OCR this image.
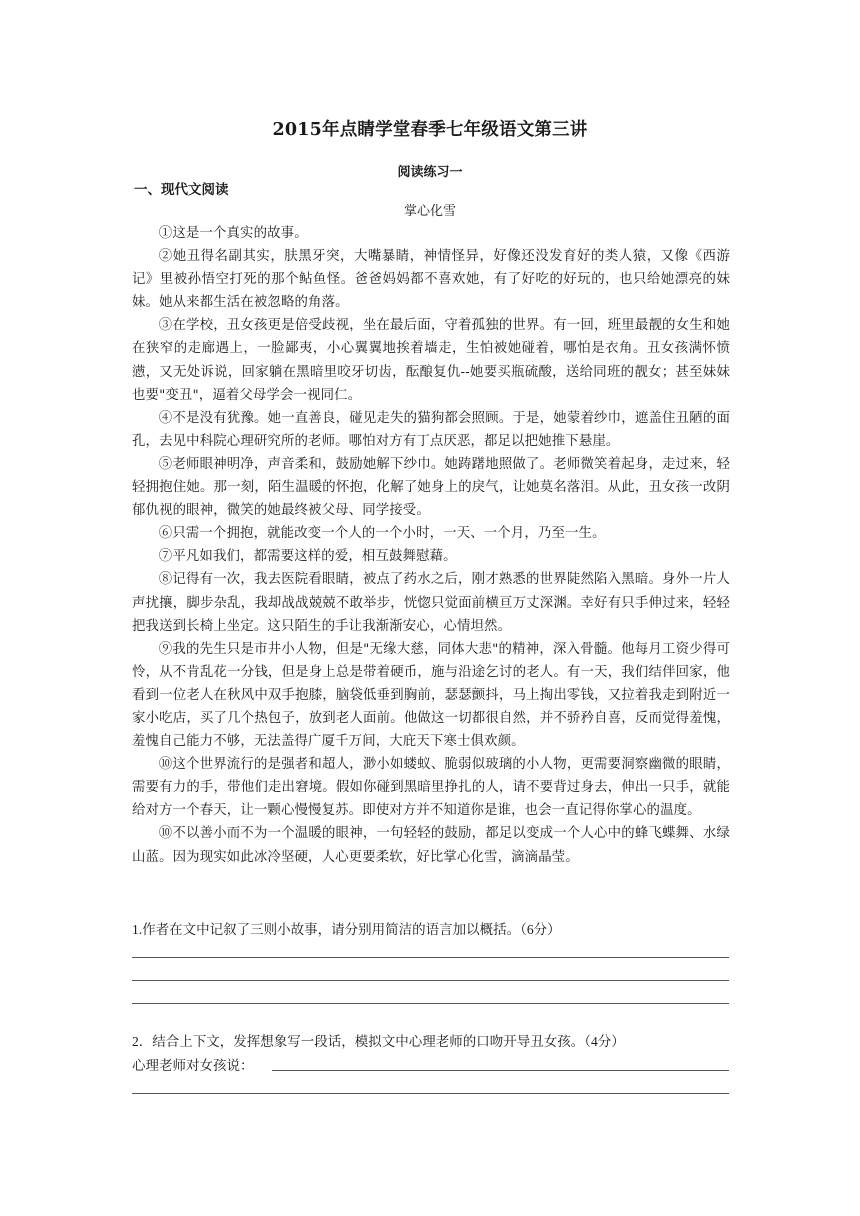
2015年点睛学堂春季七年级语文第三讲
阅读练习一
一、现代文阅读
掌心化雪

①这是一个真实的故事。

②她丑得名副其实，肤黑牙突，大嘴暴睛，神情怪异，好像还没发育好的类人猿，又像《西游记》里被孙悟空打死的那个鲇鱼怪。爸爸妈妈都不喜欢她，有了好吃的好玩的，也只给她漂亮的妹妹。她从来都生活在被忽略的角落。

③在学校，丑女孩更是倍受歧视，坐在最后面，守着孤独的世界。有一回，班里最靓的女生和她在狭窄的走廊遇上，一脸鄙夷，小心翼翼地挨着墙走，生怕被她碰着，哪怕是衣角。丑女孩满怀愤懑，又无处诉说，回家躺在黑暗里咬牙切齿，酝酿复仇--她要买瓶硫酸，送给同班的靓女；甚至妹妹也要"变丑"，逼着父母学会一视同仁。

④不是没有犹豫。她一直善良，碰见走失的猫狗都会照顾。于是，她蒙着纱巾，遮盖住丑陋的面孔，去见中科院心理研究所的老师。哪怕对方有丁点厌恶，都足以把她推下悬崖。

⑤老师眼神明净，声音柔和，鼓励她解下纱巾。她踌躇地照做了。老师微笑着起身，走过来，轻轻拥抱住她。那一刻，陌生温暖的怀抱，化解了她身上的戾气，让她莫名落泪。从此，丑女孩一改阴郁仇视的眼神，微笑的她最终被父母、同学接受。

⑥只需一个拥抱，就能改变一个人的一个小时，一天、一个月，乃至一生。

⑦平凡如我们，都需要这样的爱，相互鼓舞慰藉。

⑧记得有一次，我去医院看眼睛，被点了药水之后，刚才熟悉的世界陡然陷入黑暗。身外一片人声扰攘，脚步杂乱，我却战战兢兢不敢举步，恍惚只觉面前横亘万丈深渊。幸好有只手伸过来，轻轻把我送到长椅上坐定。这只陌生的手让我渐渐安心，心情坦然。

⑨我的先生只是市井小人物，但是"无缘大慈，同体大悲"的精神，深入骨髓。他每月工资少得可怜，从不肯乱花一分钱，但是身上总是带着硬币，施与沿途乞讨的老人。有一天，我们结伴回家，他看到一位老人在秋风中双手抱膝，脑袋低垂到胸前，瑟瑟颤抖，马上掏出零钱，又拉着我走到附近一家小吃店，买了几个热包子，放到老人面前。他做这一切都很自然，并不骄矜自喜，反而觉得羞愧，羞愧自己能力不够，无法盖得广厦千万间，大庇天下寒士俱欢颜。

⑩这个世界流行的是强者和超人，渺小如蝼蚁、脆弱似玻璃的小人物，更需要洞察幽微的眼睛，需要有力的手，带他们走出窘境。假如你碰到黑暗里挣扎的人，请不要背过身去，伸出一只手，就能给对方一个春天，让一颗心慢慢复苏。即使对方并不知道你是谁，也会一直记得你掌心的温度。

⑩不以善小而不为一个温暖的眼神，一句轻轻的鼓励，都足以变成一个人心中的蜂飞蝶舞、水绿山蓝。因为现实如此冰冷坚硬，人心更要柔软，好比掌心化雪，滴滴晶莹。

1.作者在文中记叙了三则小故事，请分别用简洁的语言加以概括。（6分）
2．结合上下文，发挥想象写一段话，模拟文中心理老师的口吻开导丑女孩。（4分）
心理老师对女孩说：
